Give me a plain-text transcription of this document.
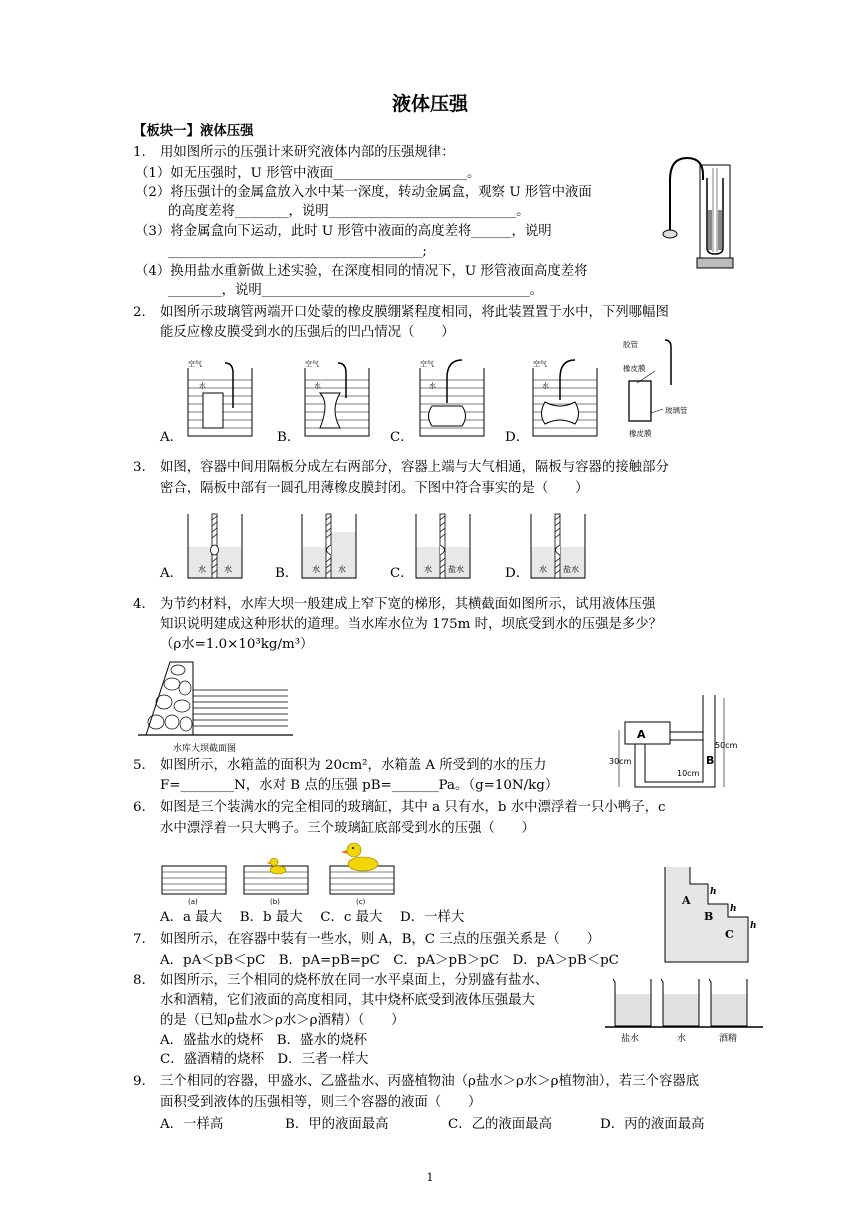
液体压强
【板块一】液体压强
1. 用如图所示的压强计来研究液体内部的压强规律：
（1）如无压强时，U 形管中液面____________________。
（2）将压强计的金属盒放入水中某一深度，转动金属盒，观察 U 形管中液面
的高度差将________，说明____________________________。
（3）将金属盒向下运动，此时 U 形管中液面的高度差将______，说明
______________________________________;
（4）换用盐水重新做上述实验，在深度相同的情况下，U 形管液面高度差将
________，说明________________________________________。
2. 如图所示玻璃管两端开口处蒙的橡皮膜绷紧程度相同，将此装置置于水中，下列哪幅图
能反应橡皮膜受到水的压强后的凹凸情况（　　）
A．	B．	C．	D．
空气
水
空气
水
空气
水
空气
水
胶管
橡皮膜
玻璃管
橡皮膜
3. 如图，容器中间用隔板分成左右两部分，容器上端与大气相通，隔板与容器的接触部分
密合，隔板中部有一圆孔用薄橡皮膜封闭。下图中符合事实的是（　　）
A．	B．	C．	D．
水 水	水 水	水 盐水	水 盐水
4. 为节约材料，水库大坝一般建成上窄下宽的梯形，其横截面如图所示，试用液体压强
知识说明建成这种形状的道理。当水库水位为 175m 时，坝底受到水的压强是多少？
（ρ水=1.0×10³kg/m³）
水库大坝截面图
5. 如图所示，水箱盖的面积为 20cm²，水箱盖 A 所受到的水的压力
F=________N，水对 B 点的压强 pB=_______Pa。（g=10N/kg）
A
B
30cm
50cm
10cm
6. 如图是三个装满水的完全相同的玻璃缸，其中 a 只有水，b 水中漂浮着一只小鸭子，c
水中漂浮着一只大鸭子。三个玻璃缸底部受到水的压强（　　）
(a)	(b)	(c)
A．a 最大　 B．b 最大　 C．c 最大　 D．一样大
7. 如图所示，在容器中装有一些水，则 A，B，C 三点的压强关系是（　　）
A．pA＜pB＜pC　B．pA=pB=pC　C．pA＞pB＞pC　D．pA＞pB＜pC
A
B
C
h
h
h
8. 如图所示，三个相同的烧杯放在同一水平桌面上，分别盛有盐水、
水和酒精，它们液面的高度相同，其中烧杯底受到液体压强最大
的是（已知ρ盐水＞ρ水＞ρ酒精）（　　）
A．盛盐水的烧杯　B．盛水的烧杯
C．盛酒精的烧杯　D．三者一样大
盐水	水	酒精
9. 三个相同的容器，甲盛水、乙盛盐水、丙盛植物油（ρ盐水＞ρ水＞ρ植物油），若三个容器底
面积受到液体的压强相等，则三个容器的液面（　　）
A．一样高	B．甲的液面最高	C．乙的液面最高	D．丙的液面最高
1
